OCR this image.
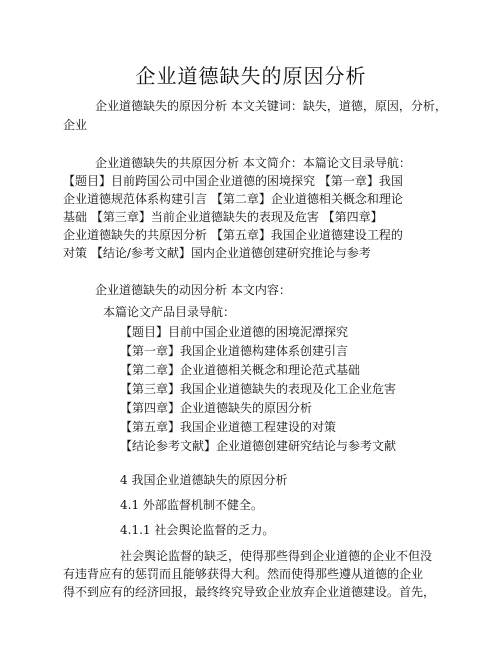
企业道德缺失的原因分析
企业道德缺失的原因分析 本文关键词：缺失，道德，原因，分析，
企业
企业道德缺失的共原因分析 本文简介：本篇论文目录导航：
【题目】目前跨国公司中国企业道德的困境探究 【第一章】我国
企业道德规范体系构建引言 【第二章】企业道德相关概念和理论
基础 【第三章】当前企业道德缺失的表现及危害 【第四章】
企业道德缺失的共原因分析 【第五章】我国企业道德建设工程的
对策 【结论/参考文献】国内企业道德创建研究推论与参考
企业道德缺失的动因分析 本文内容：
本篇论文产品目录导航：
【题目】目前中国企业道德的困境泥潭探究
【第一章】我国企业道德构建体系创建引言
【第二章】企业道德相关概念和理论范式基础
【第三章】我国企业道德缺失的表现及化工企业危害
【第四章】企业道德缺失的原因分析
【第五章】我国企业道德工程建设的对策
【结论参考文献】企业道德创建研究结论与参考文献
4 我国企业道德缺失的原因分析
4.1 外部监督机制不健全。
4.1.1 社会舆论监督的乏力。
社会舆论监督的缺乏，使得那些得到企业道德的企业不但没
有违背应有的惩罚而且能够获得大利。然而使得那些遵从道德的企业
得不到应有的经济回报，最终终究导致企业放弃企业道德建设。首先，
